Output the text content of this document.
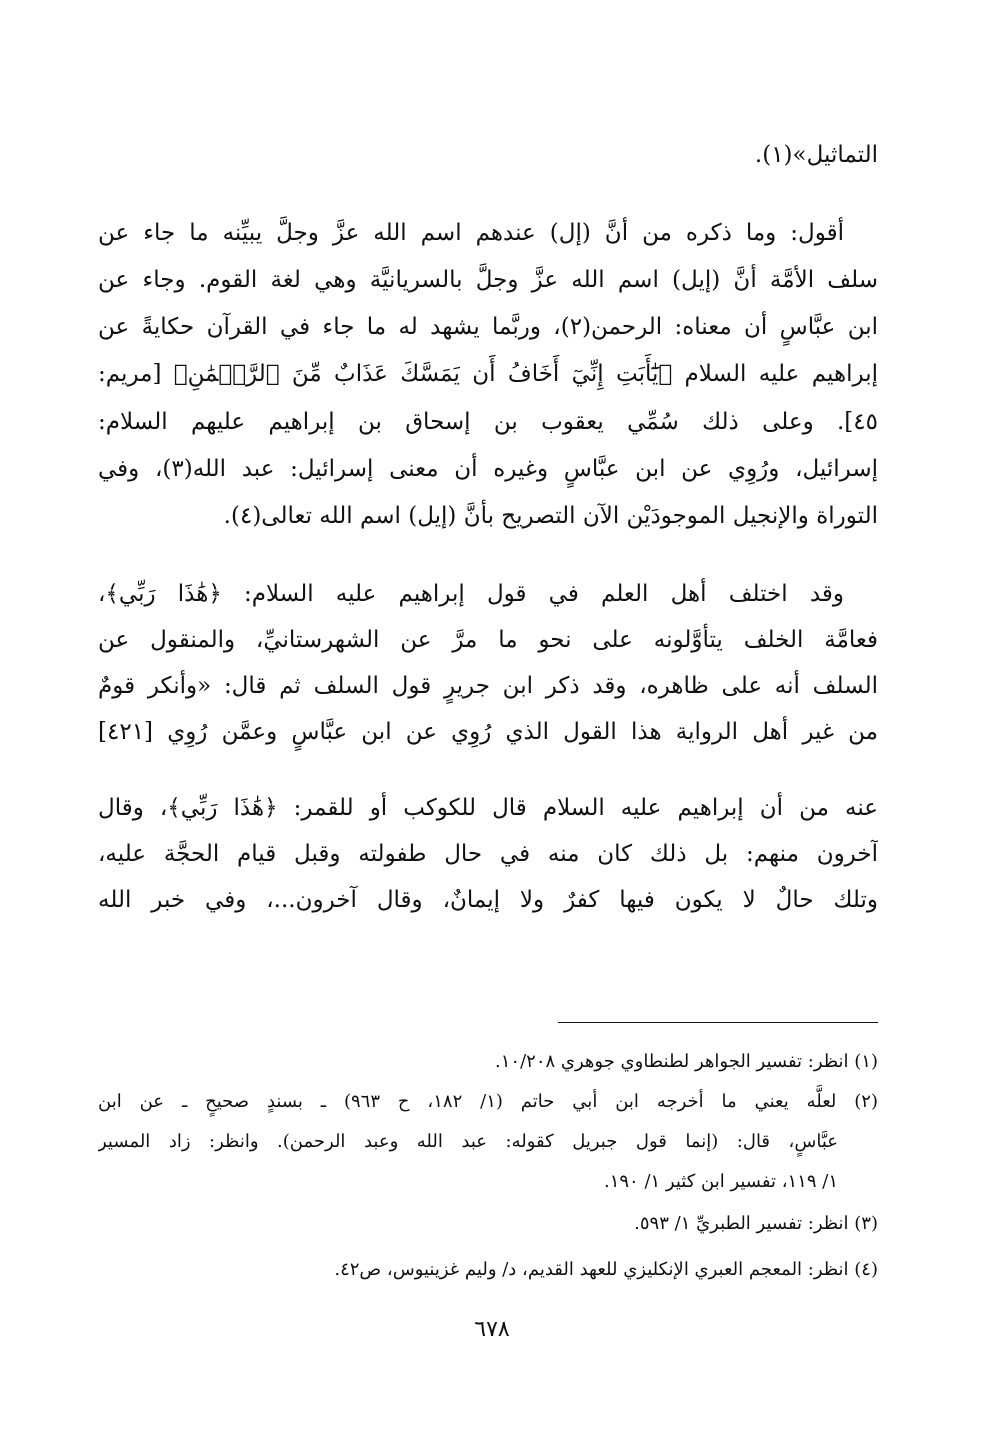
التماثيل»(١).
أقول: وما ذكره من أنَّ (إل) عندهم اسم الله عزَّ وجلَّ يبيِّنه ما جاء عن
سلف الأمَّة أنَّ (إيل) اسم الله عزَّ وجلَّ بالسريانيَّة وهي لغة القوم. وجاء عن
ابن عبَّاسٍ أن معناه: الرحمن(٢)، وربَّما يشهد له ما جاء في القرآن حكايةً عن
إبراهيم عليه السلام ﴿يَٰٓأَبَتِ إِنِّيٓ أَخَافُ أَن يَمَسَّكَ عَذَابٌ مِّنَ ٱلرَّحۡمَٰنِ﴾ [مريم:
٤٥]. وعلى ذلك سُمِّي يعقوب بن إسحاق بن إبراهيم عليهم السلام:
إسرائيل، ورُوِي عن ابن عبَّاسٍ وغيره أن معنى إسرائيل: عبد الله(٣)، وفي
التوراة والإنجيل الموجودَيْن الآن التصريح بأنَّ (إيل) اسم الله تعالى(٤).
وقد اختلف أهل العلم في قول إبراهيم عليه السلام: ﴿هَٰذَا رَبِّي﴾،
فعامَّة الخلف يتأوَّلونه على نحو ما مرَّ عن الشهرستانيِّ، والمنقول عن
السلف أنه على ظاهره، وقد ذكر ابن جريرٍ قول السلف ثم قال: «وأنكر قومٌ
من غير أهل الرواية هذا القول الذي رُوِي عن ابن عبَّاسٍ وعمَّن رُوِي [٤٢١]
عنه من أن إبراهيم عليه السلام قال للكوكب أو للقمر: ﴿هَٰذَا رَبِّي﴾، وقال
آخرون منهم: بل ذلك كان منه في حال طفولته وقبل قيام الحجَّة عليه،
وتلك حالٌ لا يكون فيها كفرٌ ولا إيمانٌ، وقال آخرون...، وفي خبر الله
(١) انظر: تفسير الجواهر لطنطاوي جوهري ١٠/٢٠٨.
(٢) لعلَّه يعني ما أخرجه ابن أبي حاتم (١/ ١٨٢، ح ٩٦٣) ـ بسندٍ صحيحٍ ـ عن ابن
عبَّاسٍ، قال: (إنما قول جبريل كقوله: عبد الله وعبد الرحمن). وانظر: زاد المسير
١/ ١١٩، تفسير ابن كثير ١/ ١٩٠.
(٣) انظر: تفسير الطبريِّ ١/ ٥٩٣.
(٤) انظر: المعجم العبري الإنكليزي للعهد القديم، د/ وليم غزينيوس، ص٤٢.
٦٧٨
